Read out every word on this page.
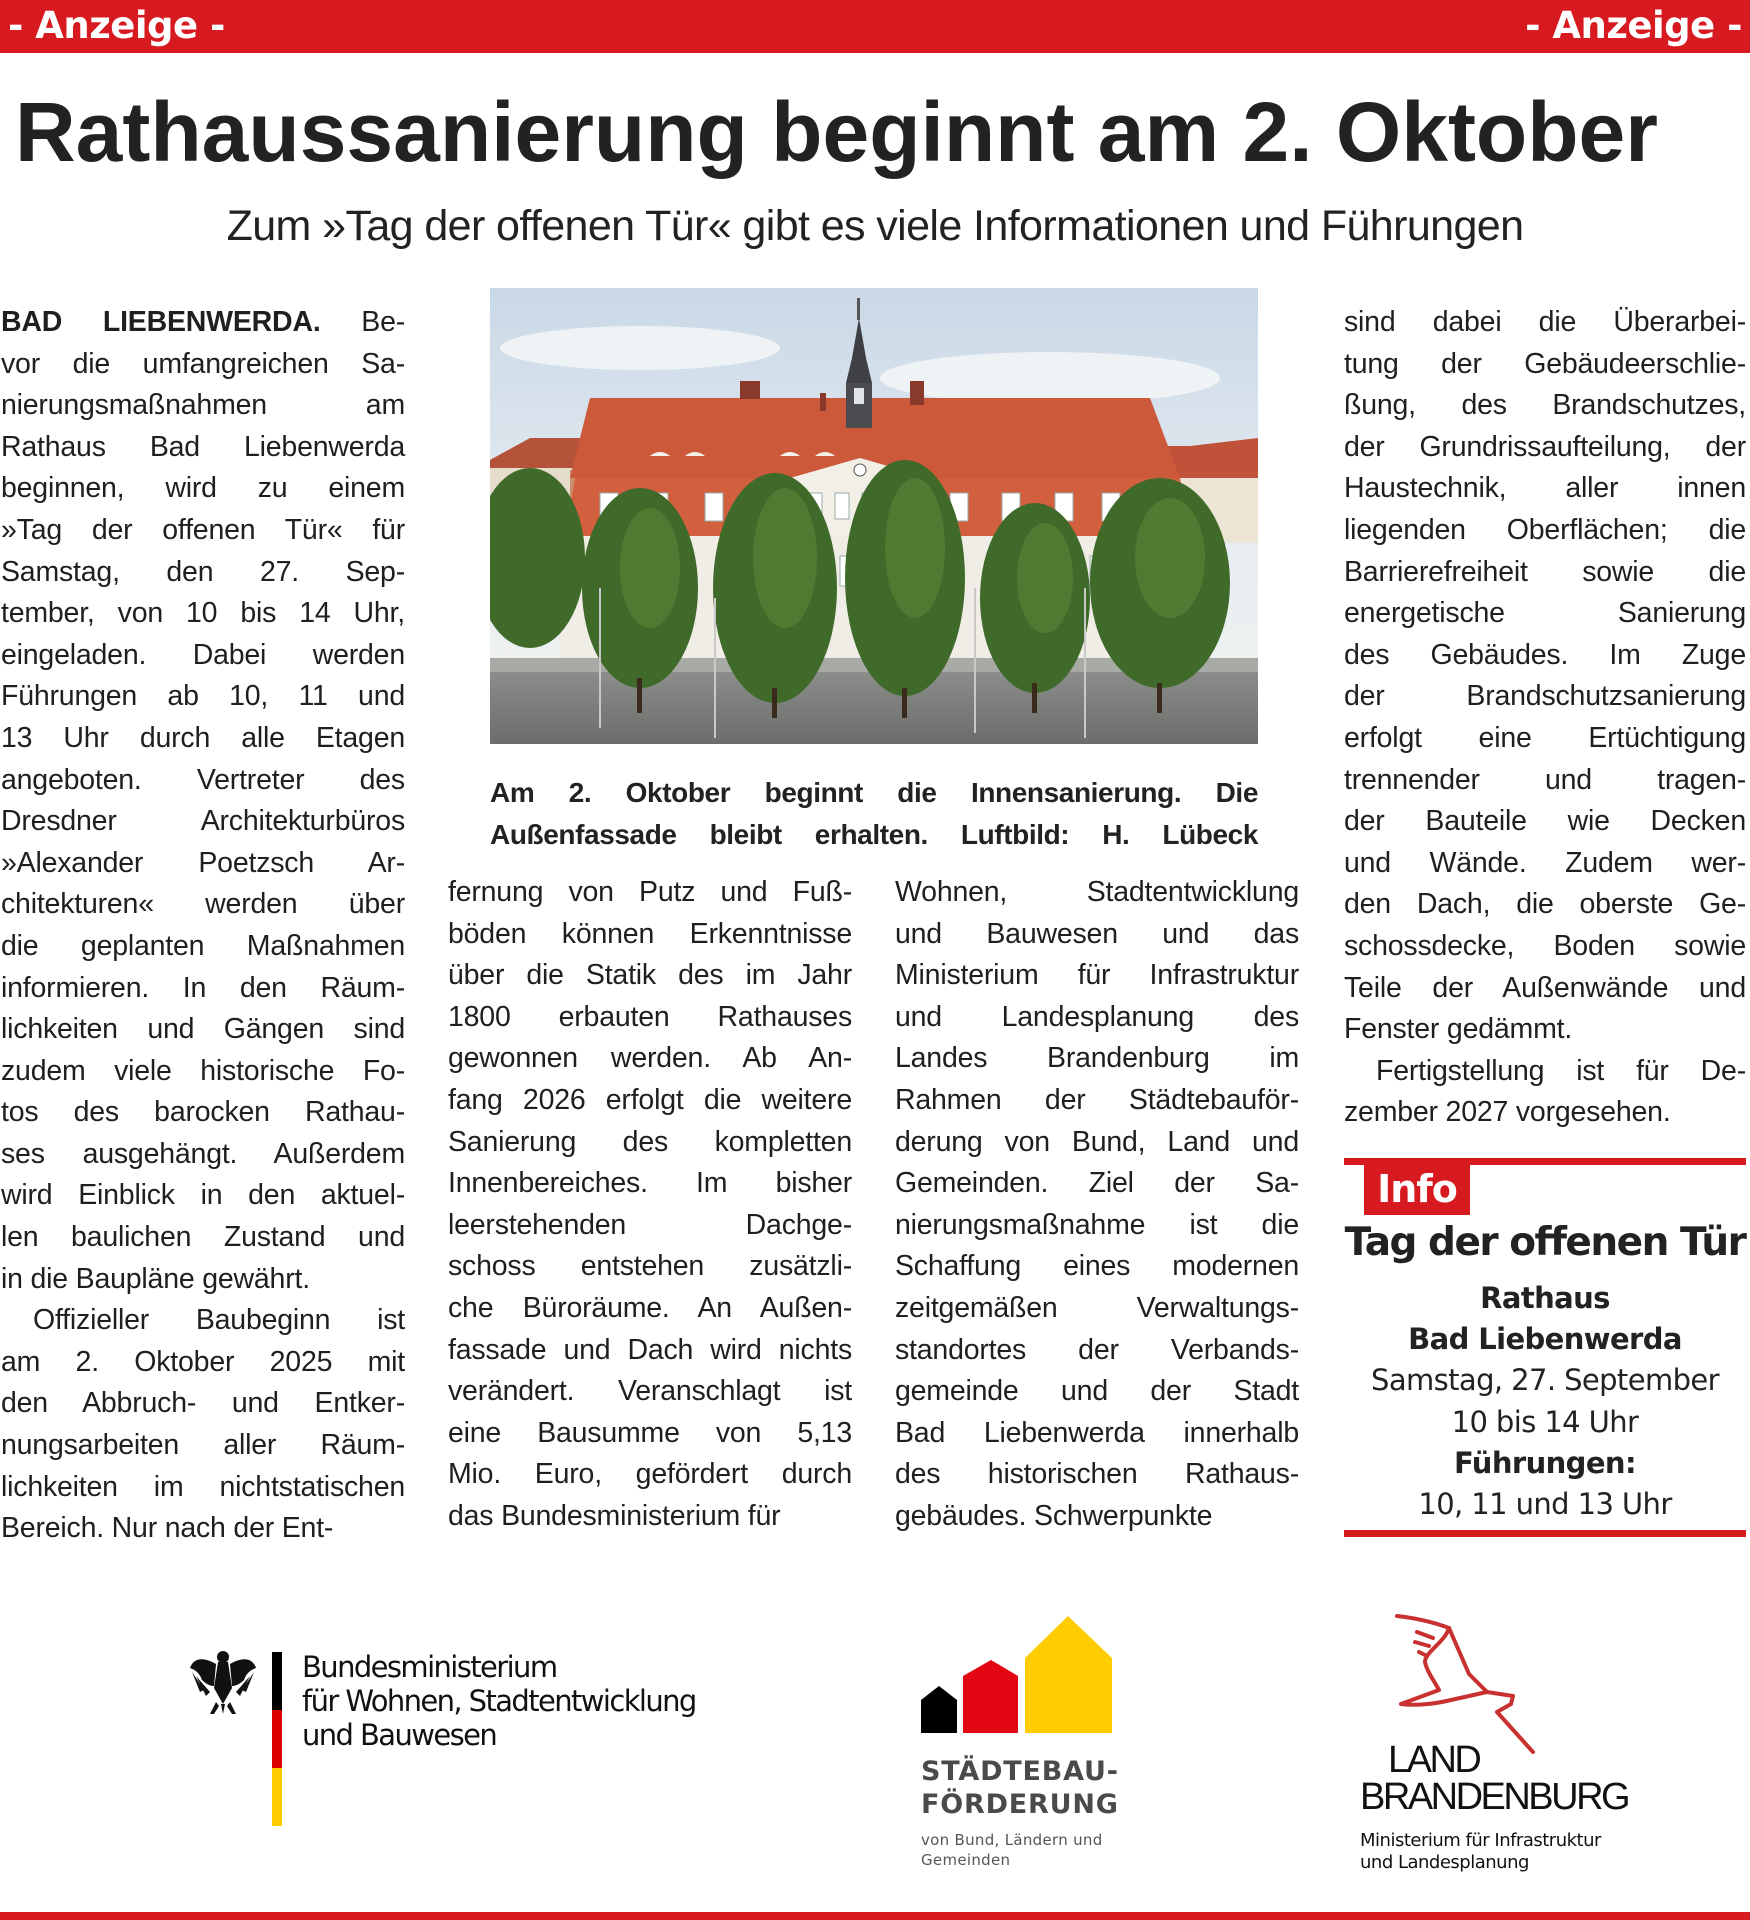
- Anzeige -	- Anzeige -
Rathaussanierung beginnt am 2. Oktober
Zum »Tag der offenen Tür« gibt es viele Informationen und Führungen
BAD LIEBENWERDA. Be-
vor die umfangreichen Sa-
nierungsmaßnahmen am
Rathaus Bad Liebenwerda
beginnen, wird zu einem
»Tag der offenen Tür« für
Samstag, den 27. Sep-
tember, von 10 bis 14 Uhr,
eingeladen. Dabei werden
Führungen ab 10, 11 und
13 Uhr durch alle Etagen
angeboten. Vertreter des
Dresdner Architekturbüros
»Alexander Poetzsch Ar-
chitekturen« werden über
die geplanten Maßnahmen
informieren. In den Räum-
lichkeiten und Gängen sind
zudem viele historische Fo-
tos des barocken Rathau-
ses ausgehängt. Außerdem
wird Einblick in den aktuel-
len baulichen Zustand und
in die Baupläne gewährt.
Offizieller Baubeginn ist
am 2. Oktober 2025 mit
den Abbruch- und Entker-
nungsarbeiten aller Räum-
lichkeiten im nichtstatischen
Bereich. Nur nach der Ent-
fernung von Putz und Fuß-
böden können Erkenntnisse
über die Statik des im Jahr
1800 erbauten Rathauses
gewonnen werden. Ab An-
fang 2026 erfolgt die weitere
Sanierung des kompletten
Innenbereiches. Im bisher
leerstehenden Dachge-
schoss entstehen zusätzli-
che Büroräume. An Außen-
fassade und Dach wird nichts
verändert. Veranschlagt ist
eine Bausumme von 5,13
Mio. Euro, gefördert durch
das Bundesministerium für
Wohnen, Stadtentwicklung
und Bauwesen und das
Ministerium für Infrastruktur
und Landesplanung des
Landes Brandenburg im
Rahmen der Städtebauför-
derung von Bund, Land und
Gemeinden. Ziel der Sa-
nierungsmaßnahme ist die
Schaffung eines modernen
zeitgemäßen Verwaltungs-
standortes der Verbands-
gemeinde und der Stadt
Bad Liebenwerda innerhalb
des historischen Rathaus-
gebäudes. Schwerpunkte
sind dabei die Überarbei-
tung der Gebäudeerschlie-
ßung, des Brandschutzes,
der Grundrissaufteilung, der
Haustechnik, aller innen
liegenden Oberflächen; die
Barrierefreiheit sowie die
energetische Sanierung
des Gebäudes. Im Zuge
der Brandschutzsanierung
erfolgt eine Ertüchtigung
trennender und tragen-
der Bauteile wie Decken
und Wände. Zudem wer-
den Dach, die oberste Ge-
schossdecke, Boden sowie
Teile der Außenwände und
Fenster gedämmt.
Fertigstellung ist für De-
zember 2027 vorgesehen.
Am 2. Oktober beginnt die Innensanierung. Die
Außenfassade bleibt erhalten. Luftbild: H. Lübeck
Info
Tag der offenen Tür
Rathaus
Bad Liebenwerda
Samstag, 27. September
10 bis 14 Uhr
Führungen:
10, 11 und 13 Uhr
Bundesministerium
für Wohnen, Stadtentwicklung
und Bauwesen
STÄDTEBAU-
FÖRDERUNG
von Bund, Ländern und
Gemeinden
LAND
BRANDENBURG
Ministerium für Infrastruktur
und Landesplanung
